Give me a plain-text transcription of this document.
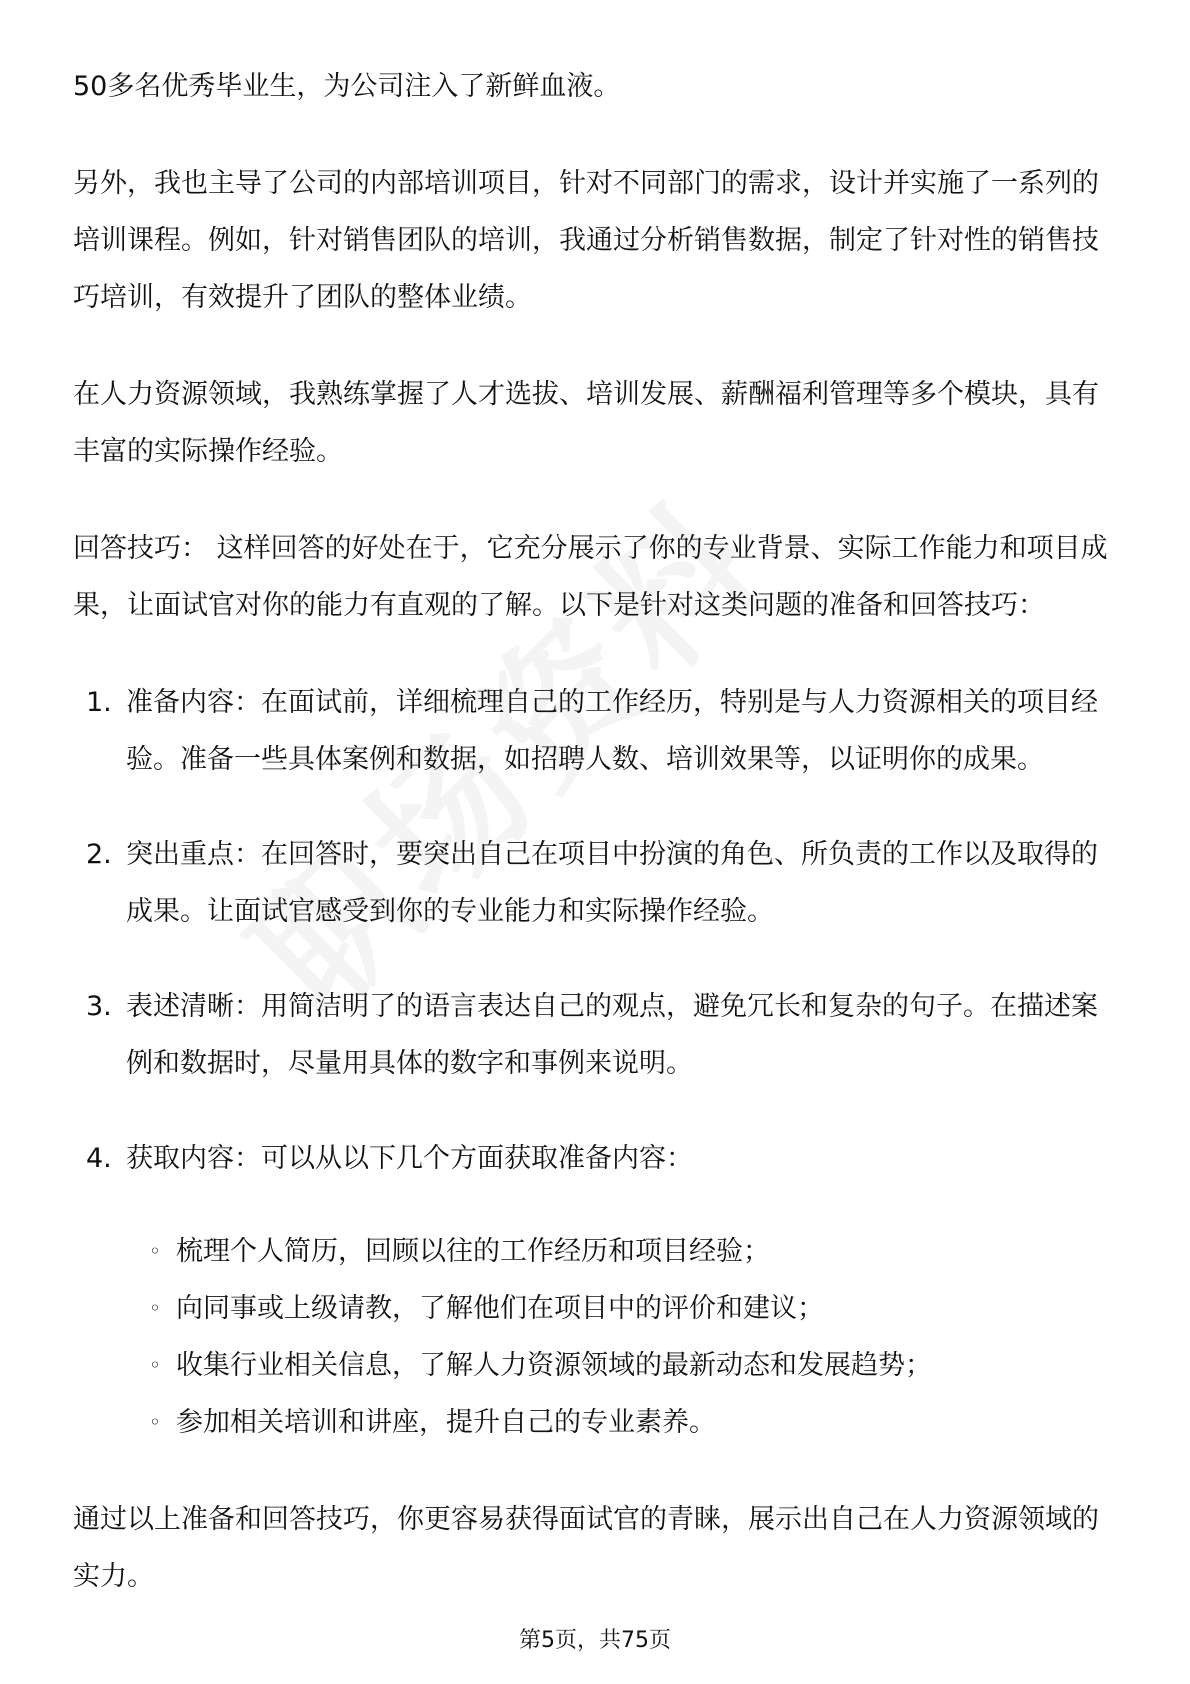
50多名优秀毕业生，为公司注入了新鲜血液。

另外，我也主导了公司的内部培训项目，针对不同部门的需求，设计并实施了一系列的培训课程。例如，针对销售团队的培训，我通过分析销售数据，制定了针对性的销售技巧培训，有效提升了团队的整体业绩。

在人力资源领域，我熟练掌握了人才选拔、培训发展、薪酬福利管理等多个模块，具有丰富的实际操作经验。

回答技巧： 这样回答的好处在于，它充分展示了你的专业背景、实际工作能力和项目成果，让面试官对你的能力有直观的了解。以下是针对这类问题的准备和回答技巧：

1. 准备内容：在面试前，详细梳理自己的工作经历，特别是与人力资源相关的项目经验。准备一些具体案例和数据，如招聘人数、培训效果等，以证明你的成果。
2. 突出重点：在回答时，要突出自己在项目中扮演的角色、所负责的工作以及取得的成果。让面试官感受到你的专业能力和实际操作经验。
3. 表述清晰：用简洁明了的语言表达自己的观点，避免冗长和复杂的句子。在描述案例和数据时，尽量用具体的数字和事例来说明。
4. 获取内容：可以从以下几个方面获取准备内容：
◦ 梳理个人简历，回顾以往的工作经历和项目经验；
◦ 向同事或上级请教，了解他们在项目中的评价和建议；
◦ 收集行业相关信息，了解人力资源领域的最新动态和发展趋势；
◦ 参加相关培训和讲座，提升自己的专业素养。

通过以上准备和回答技巧，你更容易获得面试官的青睐，展示出自己在人力资源领域的实力。

第5页，共75页
